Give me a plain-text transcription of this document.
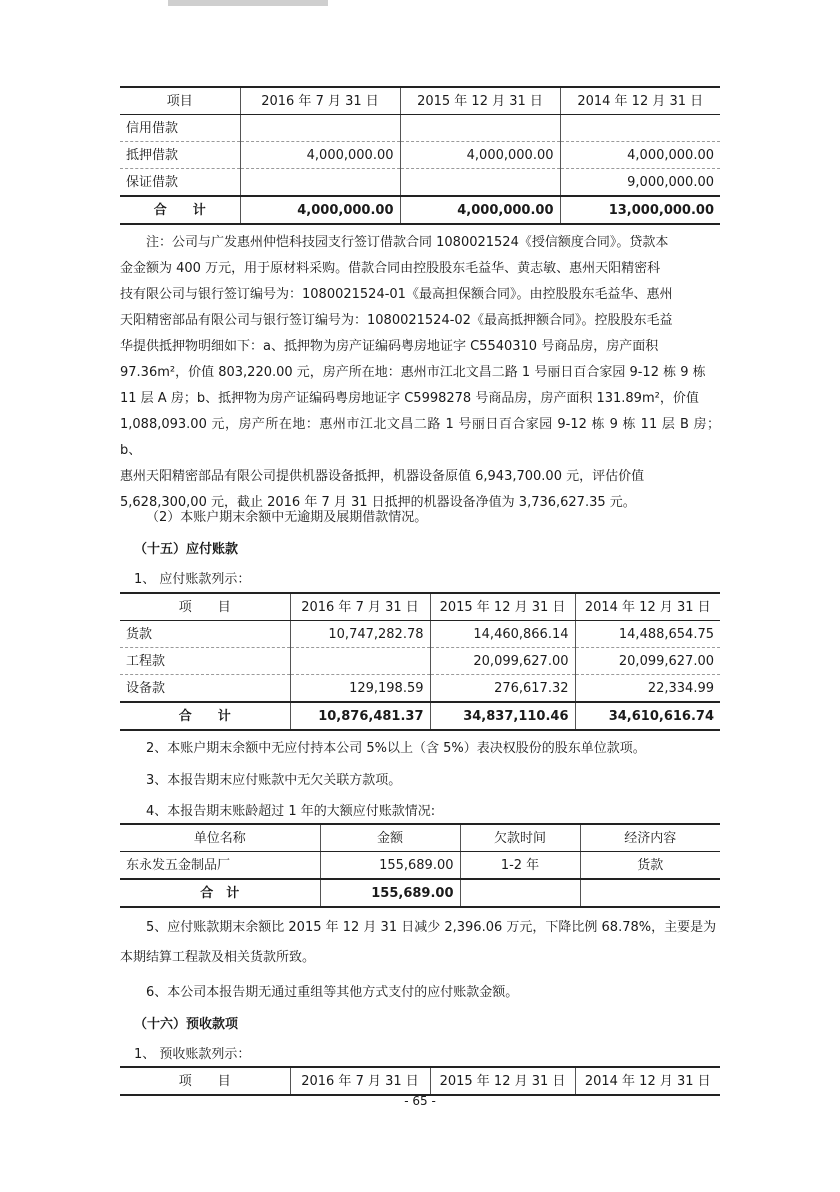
项目	2016 年 7 月 31 日	2015 年 12 月 31 日	2014 年 12 月 31 日
信用借款			
抵押借款	4,000,000.00	4,000,000.00	4,000,000.00
保证借款			9,000,000.00
合　　计	4,000,000.00	4,000,000.00	13,000,000.00
注：公司与广发惠州仲恺科技园支行签订借款合同 1080021524《授信额度合同》。贷款本
金金额为 400 万元，用于原材料采购。借款合同由控股股东毛益华、黄志敏、惠州天阳精密科
技有限公司与银行签订编号为：1080021524-01《最高担保额合同》。由控股股东毛益华、惠州
天阳精密部品有限公司与银行签订编号为：1080021524-02《最高抵押额合同》。控股股东毛益
华提供抵押物明细如下：a、抵押物为房产证编码粤房地证字 C5540310 号商品房，房产面积
97.36m²，价值 803,220.00 元，房产所在地：惠州市江北文昌二路 1 号丽日百合家园 9-12 栋 9 栋
11 层 A 房；b、抵押物为房产证编码粤房地证字 C5998278 号商品房，房产面积 131.89m²，价值
1,088,093.00 元，房产所在地：惠州市江北文昌二路 1 号丽日百合家园 9-12 栋 9 栋 11 层 B 房；b、
惠州天阳精密部品有限公司提供机器设备抵押，机器设备原值 6,943,700.00 元，评估价值
5,628,300,00 元，截止 2016 年 7 月 31 日抵押的机器设备净值为 3,736,627.35 元。
（2）本账户期末余额中无逾期及展期借款情况。
（十五）应付账款
1、 应付账款列示：
项　　目	2016 年 7 月 31 日	2015 年 12 月 31 日	2014 年 12 月 31 日
货款	10,747,282.78	14,460,866.14	14,488,654.75
工程款		20,099,627.00	20,099,627.00
设备款	129,198.59	276,617.32	22,334.99
合　　计	10,876,481.37	34,837,110.46	34,610,616.74
2、本账户期末余额中无应付持本公司 5%以上（含 5%）表决权股份的股东单位款项。
3、本报告期末应付账款中无欠关联方款项。
4、本报告期末账龄超过 1 年的大额应付账款情况:
单位名称	金额	欠款时间	经济内容
东永发五金制品厂	155,689.00	1-2 年	货款
合　计	155,689.00		
5、应付账款期末余额比 2015 年 12 月 31 日减少 2,396.06 万元，下降比例 68.78%，主要是为
本期结算工程款及相关货款所致。
6、本公司本报告期无通过重组等其他方式支付的应付账款金额。
（十六）预收款项
1、 预收账款列示：
项　　目	2016 年 7 月 31 日	2015 年 12 月 31 日	2014 年 12 月 31 日
- 65 -
